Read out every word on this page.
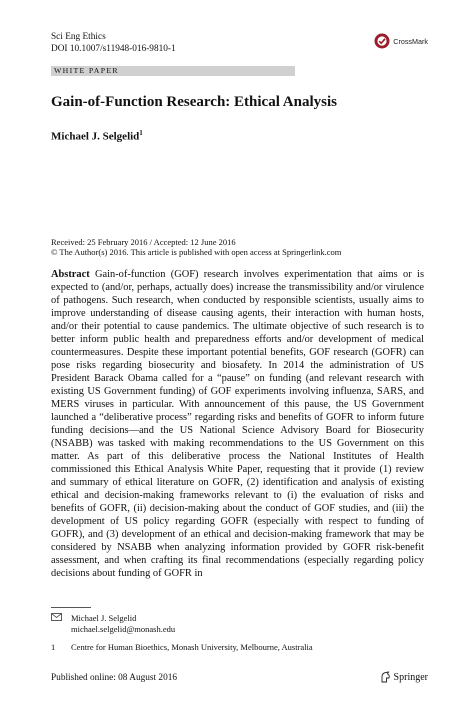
Sci Eng Ethics
DOI 10.1007/s11948-016-9810-1
CrossMark
WHITE PAPER
Gain-of-Function Research: Ethical Analysis
Michael J. Selgelid$^1$
Received: 25 February 2016 / Accepted: 12 June 2016
© The Author(s) 2016. This article is published with open access at Springerlink.com
Abstract Gain-of-function (GOF) research involves experimentation that aims or is expected to (and/or, perhaps, actually does) increase the transmissibility and/or virulence of pathogens. Such research, when conducted by responsible scientists, usually aims to improve understanding of disease causing agents, their interaction with human hosts, and/or their potential to cause pandemics. The ultimate objective of such research is to better inform public health and preparedness efforts and/or development of medical countermeasures. Despite these important potential benefits, GOF research (GOFR) can pose risks regarding biosecurity and biosafety. In 2014 the administration of US President Barack Obama called for a “pause” on funding (and relevant research with existing US Government funding) of GOF experiments involving influenza, SARS, and MERS viruses in particular. With announcement of this pause, the US Government launched a “deliberative process” regarding risks and benefits of GOFR to inform future funding decisions—and the US National Science Advisory Board for Biosecurity (NSABB) was tasked with making recommendations to the US Government on this matter. As part of this deliberative process the National Institutes of Health commissioned this Ethical Analysis White Paper, requesting that it provide (1) review and summary of ethical literature on GOFR, (2) identification and analysis of existing ethical and decision-making frameworks relevant to (i) the evaluation of risks and benefits of GOFR, (ii) decision-making about the conduct of GOF studies, and (iii) the development of US policy regarding GOFR (especially with respect to funding of GOFR), and (3) development of an ethical and decision-making framework that may be considered by NSABB when analyzing information provided by GOFR risk-benefit assessment, and when crafting its final recommendations (especially regarding policy decisions about funding of GOFR in
Michael J. Selgelid
michael.selgelid@monash.edu
1	Centre for Human Bioethics, Monash University, Melbourne, Australia
Published online: 08 August 2016	Springer
